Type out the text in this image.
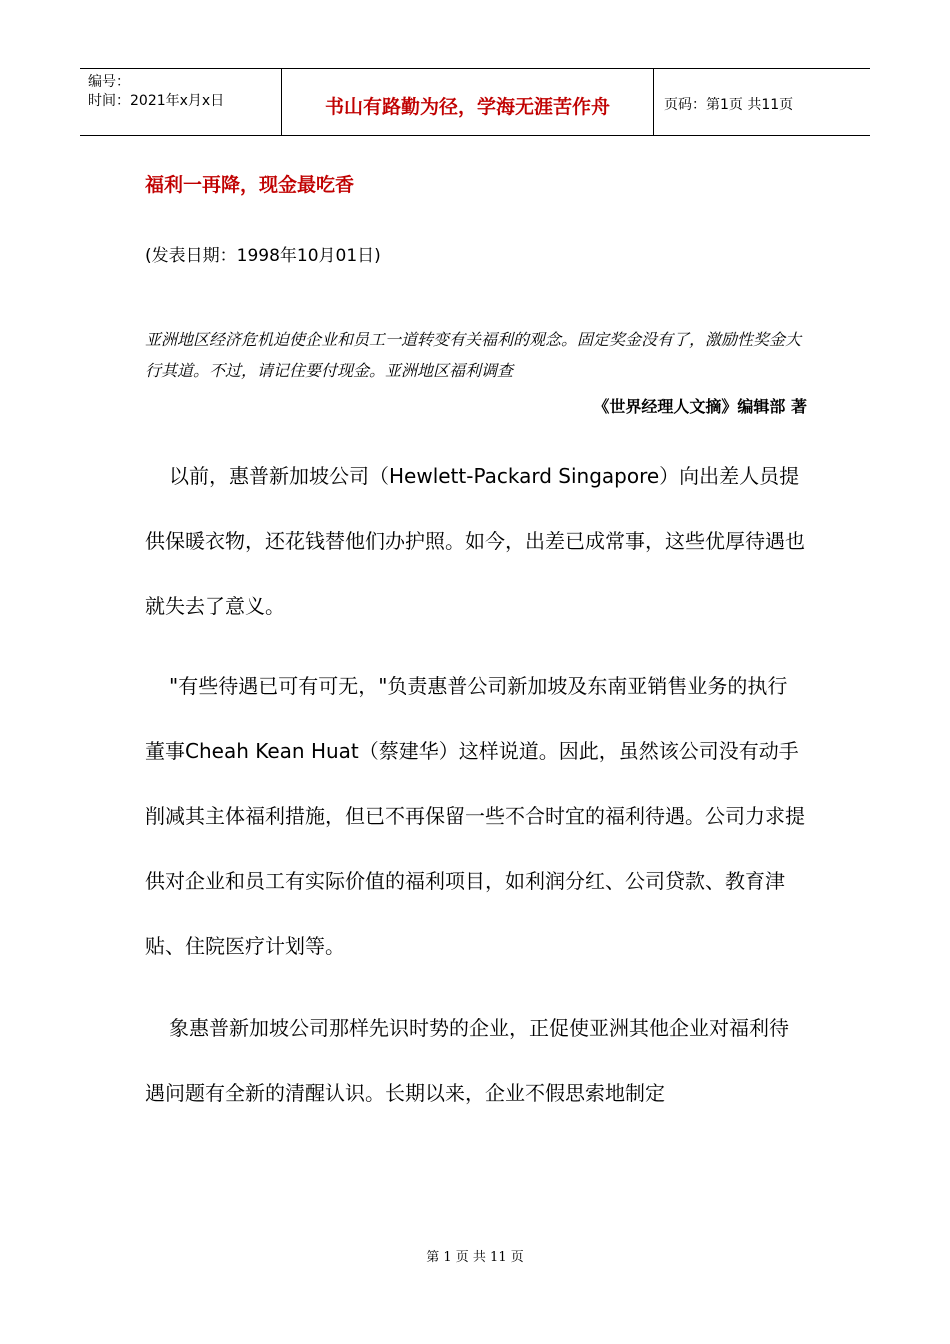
编号：
时间：2021年x月x日	书山有路勤为径，学海无涯苦作舟	页码：第1页 共11页
福利一再降，现金最吃香

(发表日期：1998年10月01日)

亚洲地区经济危机迫使企业和员工一道转变有关福利的观念。固定奖金没有了，激励性奖金大行其道。不过，请记住要付现金。亚洲地区福利调查

《世界经理人文摘》编辑部 著

以前，惠普新加坡公司（Hewlett-Packard Singapore）向出差人员提供保暖衣物，还花钱替他们办护照。如今，出差已成常事，这些优厚待遇也就失去了意义。

"有些待遇已可有可无，"负责惠普公司新加坡及东南亚销售业务的执行董事Cheah Kean Huat（蔡建华）这样说道。因此，虽然该公司没有动手削减其主体福利措施，但已不再保留一些不合时宜的福利待遇。公司力求提供对企业和员工有实际价值的福利项目，如利润分红、公司贷款、教育津贴、住院医疗计划等。

象惠普新加坡公司那样先识时势的企业，正促使亚洲其他企业对福利待遇问题有全新的清醒认识。长期以来，企业不假思索地制定

第 1 页 共 11 页
